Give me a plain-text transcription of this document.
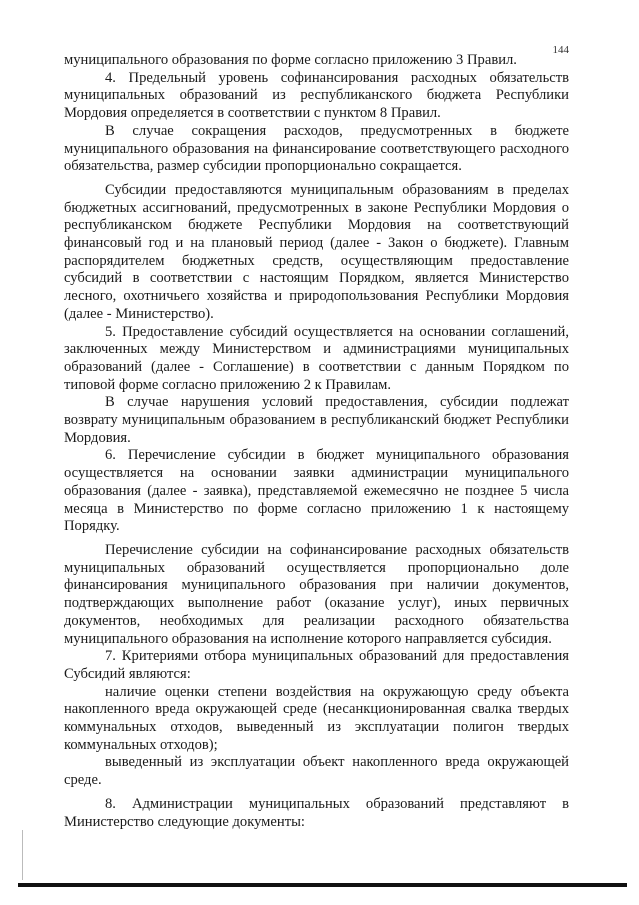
144

муниципального образования по форме согласно приложению 3 Правил.

4. Предельный уровень софинансирования расходных обязательств муниципальных образований из республиканского бюджета Республики Мордовия определяется в соответствии с пунктом 8 Правил.

В случае сокращения расходов, предусмотренных в бюджете муниципального образования на финансирование соответствующего расходного обязательства, размер субсидии пропорционально сокращается.

Субсидии предоставляются муниципальным образованиям в пределах бюджетных ассигнований, предусмотренных в законе Республики Мордовия о республиканском бюджете Республики Мордовия на соответствующий финансовый год и на плановый период (далее - Закон о бюджете). Главным распорядителем бюджетных средств, осуществляющим предоставление субсидий в соответствии с настоящим Порядком, является Министерство лесного, охотничьего хозяйства и природопользования Республики Мордовия (далее - Министерство).

5. Предоставление субсидий осуществляется на основании соглашений, заключенных между Министерством и администрациями муниципальных образований (далее - Соглашение) в соответствии с данным Порядком по типовой форме согласно приложению 2 к Правилам.

В случае нарушения условий предоставления, субсидии подлежат возврату муниципальным образованием в республиканский бюджет Республики Мордовия.

6. Перечисление субсидии в бюджет муниципального образования осуществляется на основании заявки администрации муниципального образования (далее - заявка), представляемой ежемесячно не позднее 5 числа месяца в Министерство по форме согласно приложению 1 к настоящему Порядку.

Перечисление субсидии на софинансирование расходных обязательств муниципальных образований осуществляется пропорционально доле финансирования муниципального образования при наличии документов, подтверждающих выполнение работ (оказание услуг), иных первичных документов, необходимых для реализации расходного обязательства муниципального образования на исполнение которого направляется субсидия.

7. Критериями отбора муниципальных образований для предоставления Субсидий являются:

наличие оценки степени воздействия на окружающую среду объекта накопленного вреда окружающей среде (несанкционированная свалка твердых коммунальных отходов, выведенный из эксплуатации полигон твердых коммунальных отходов);

выведенный из эксплуатации объект накопленного вреда окружающей среде.

8. Администрации муниципальных образований представляют в Министерство следующие документы:
